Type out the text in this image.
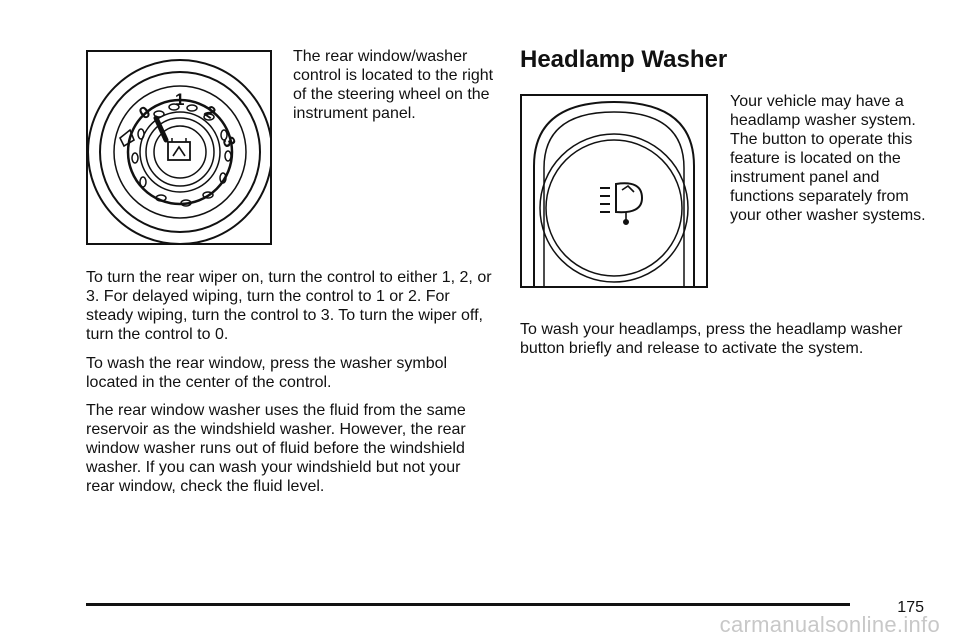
0
1
2
3

The rear window/washer control is located to the right of the steering wheel on the instrument panel.

To turn the rear wiper on, turn the control to either 1, 2, or 3. For delayed wiping, turn the control to 1 or 2. For steady wiping, turn the control to 3. To turn the wiper off, turn the control to 0.

To wash the rear window, press the washer symbol located in the center of the control.

The rear window washer uses the fluid from the same reservoir as the windshield washer. However, the rear window washer runs out of fluid before the windshield washer. If you can wash your windshield but not your rear window, check the fluid level.

Headlamp Washer

Your vehicle may have a headlamp washer system. The button to operate this feature is located on the instrument panel and functions separately from your other washer systems.

To wash your headlamps, press the headlamp washer button briefly and release to activate the system.

175
carmanualsonline.info
